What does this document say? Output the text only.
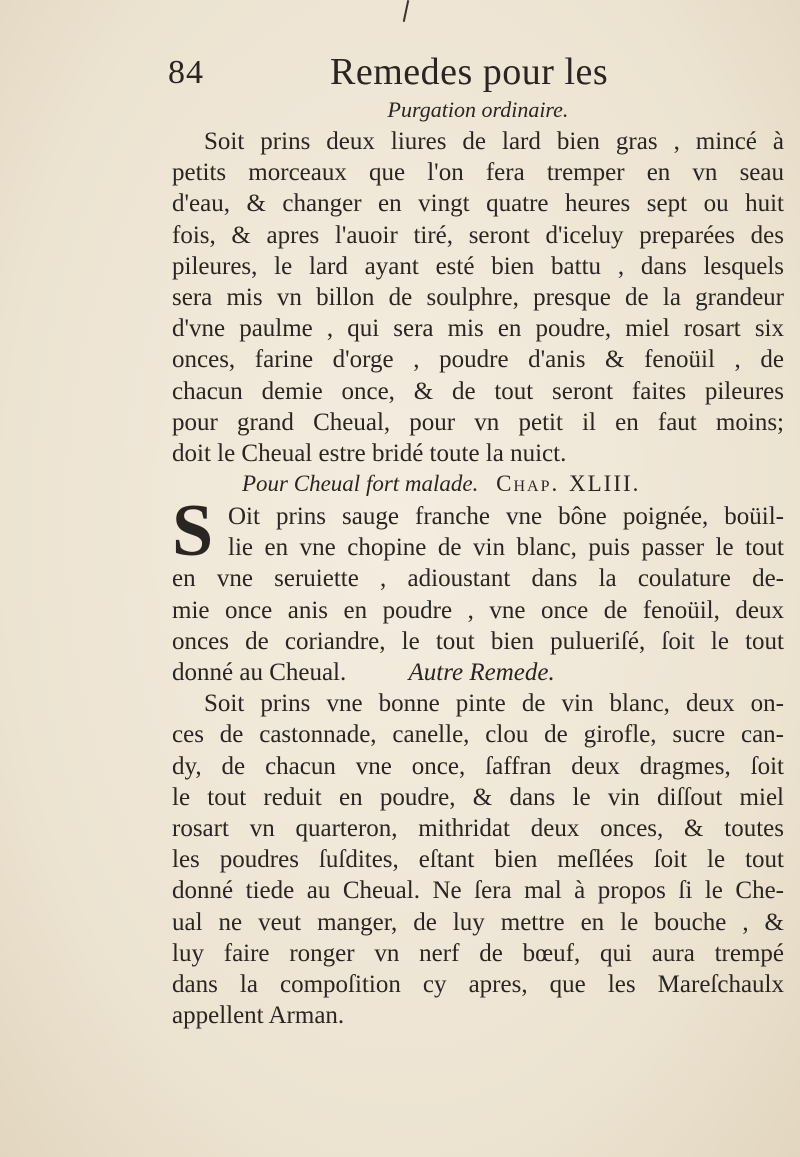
84	Remedes pour les
Purgation ordinaire.
Soit prins deux liures de lard bien gras , mincé à
petits morceaux que l'on fera tremper en vn seau
d'eau, & changer en vingt quatre heures sept ou huit
fois, & apres l'auoir tiré, seront d'iceluy preparées des
pileures, le lard ayant esté bien battu , dans lesquels
sera mis vn billon de soulphre, presque de la grandeur
d'vne paulme , qui sera mis en poudre, miel rosart six
onces, farine d'orge , poudre d'anis & fenoüil , de
chacun demie once, & de tout seront faites pileures
pour grand Cheual, pour vn petit il en faut moins;
doit le Cheual estre bridé toute la nuict.
Pour Cheual fort malade. Chap. XLIII.
S Oit prins sauge franche vne bône poignée, boüil-
lie en vne chopine de vin blanc, puis passer le tout
en vne seruiette , adioustant dans la coulature de-
mie once anis en poudre , vne once de fenoüil, deux
onces de coriandre, le tout bien pulueriſé, ſoit le tout
donné au Cheual. Autre Remede.
Soit prins vne bonne pinte de vin blanc, deux on-
ces de castonnade, canelle, clou de girofle, sucre can-
dy, de chacun vne once, ſaffran deux dragmes, ſoit
le tout reduit en poudre, & dans le vin diſſout miel
rosart vn quarteron, mithridat deux onces, & toutes
les poudres ſuſdites, eſtant bien meſlées ſoit le tout
donné tiede au Cheual. Ne ſera mal à propos ſi le Che-
ual ne veut manger, de luy mettre en le bouche , &
luy faire ronger vn nerf de bœuf, qui aura trempé
dans la compoſition cy apres, que les Mareſchaulx
appellent Arman.
